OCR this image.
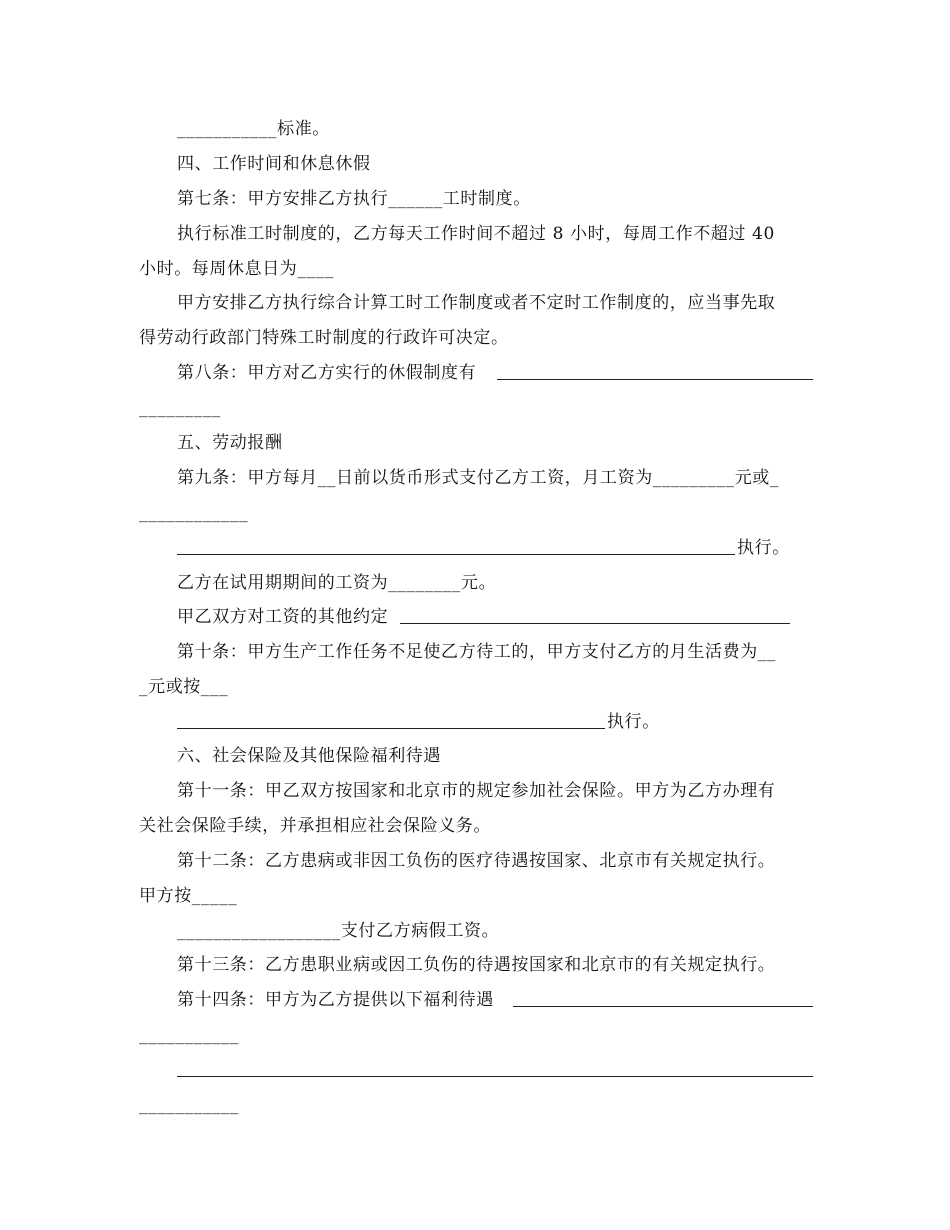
___________标准。
四、工作时间和休息休假
第七条：甲方安排乙方执行______工时制度。
执行标准工时制度的，乙方每天工作时间不超过 8 小时，每周工作不超过 40
小时。每周休息日为____
甲方安排乙方执行综合计算工时工作制度或者不定时工作制度的，应当事先取
得劳动行政部门特殊工时制度的行政许可决定。
第八条：甲方对乙方实行的休假制度有
_________
五、劳动报酬
第九条：甲方每月__日前以货币形式支付乙方工资，月工资为_________元或_
____________
执行。
乙方在试用期期间的工资为________元。
甲乙双方对工资的其他约定
第十条：甲方生产工作任务不足使乙方待工的，甲方支付乙方的月生活费为__
_元或按___
执行。
六、社会保险及其他保险福利待遇
第十一条：甲乙双方按国家和北京市的规定参加社会保险。甲方为乙方办理有
关社会保险手续，并承担相应社会保险义务。
第十二条：乙方患病或非因工负伤的医疗待遇按国家、北京市有关规定执行。
甲方按_____
__________________支付乙方病假工资。
第十三条：乙方患职业病或因工负伤的待遇按国家和北京市的有关规定执行。
第十四条：甲方为乙方提供以下福利待遇
___________
___________
